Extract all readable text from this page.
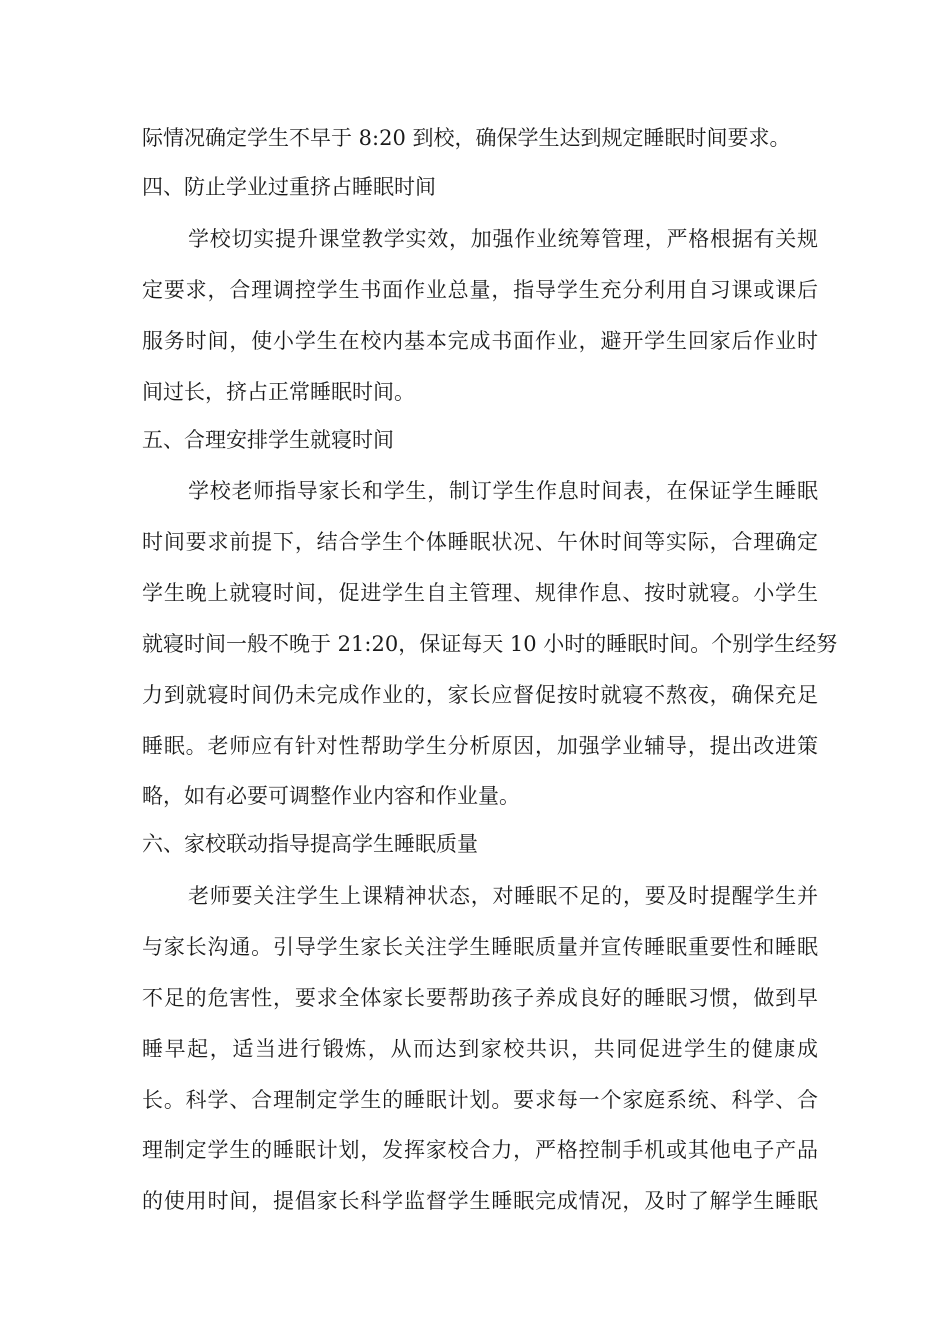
际情况确定学生不早于 8:20 到校，确保学生达到规定睡眠时间要求。
四、防止学业过重挤占睡眠时间
学校切实提升课堂教学实效，加强作业统筹管理，严格根据有关规
定要求，合理调控学生书面作业总量，指导学生充分利用自习课或课后
服务时间，使小学生在校内基本完成书面作业，避开学生回家后作业时
间过长，挤占正常睡眠时间。
五、合理安排学生就寝时间
学校老师指导家长和学生，制订学生作息时间表，在保证学生睡眠
时间要求前提下，结合学生个体睡眠状况、午休时间等实际，合理确定
学生晚上就寝时间，促进学生自主管理、规律作息、按时就寝。小学生
就寝时间一般不晚于 21:20，保证每天 10 小时的睡眠时间。个别学生经努
力到就寝时间仍未完成作业的，家长应督促按时就寝不熬夜，确保充足
睡眠。老师应有针对性帮助学生分析原因，加强学业辅导，提出改进策
略，如有必要可调整作业内容和作业量。
六、家校联动指导提高学生睡眠质量
老师要关注学生上课精神状态，对睡眠不足的，要及时提醒学生并
与家长沟通。引导学生家长关注学生睡眠质量并宣传睡眠重要性和睡眠
不足的危害性，要求全体家长要帮助孩子养成良好的睡眠习惯，做到早
睡早起，适当进行锻炼，从而达到家校共识，共同促进学生的健康成
长。科学、合理制定学生的睡眠计划。要求每一个家庭系统、科学、合
理制定学生的睡眠计划，发挥家校合力，严格控制手机或其他电子产品
的使用时间，提倡家长科学监督学生睡眠完成情况，及时了解学生睡眠
